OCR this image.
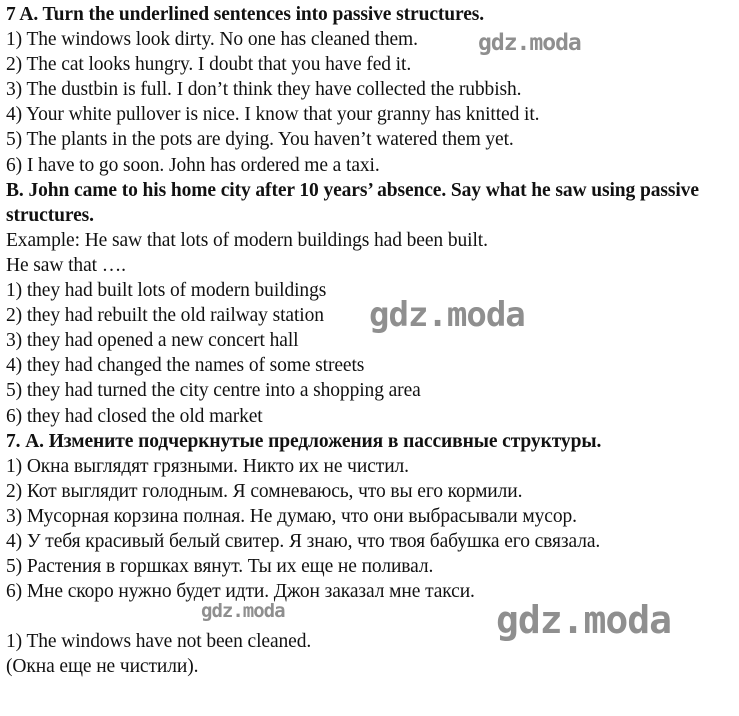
7 A. Turn the underlined sentences into passive structures.
1) The windows look dirty. No one has cleaned them.
2) The cat looks hungry. I doubt that you have fed it.
3) The dustbin is full. I don’t think they have collected the rubbish.
4) Your white pullover is nice. I know that your granny has knitted it.
5) The plants in the pots are dying. You haven’t watered them yet.
6) I have to go soon. John has ordered me a taxi.
B. John came to his home city after 10 years’ absence. Say what he saw using passive structures.
Example: He saw that lots of modern buildings had been built.
He saw that ….
1) they had built lots of modern buildings
2) they had rebuilt the old railway station
3) they had opened a new concert hall
4) they had changed the names of some streets
5) they had turned the city centre into a shopping area
6) they had closed the old market
7. А. Измените подчеркнутые предложения в пассивные структуры.
1) Окна выглядят грязными. Никто их не чистил.
2) Кот выглядит голодным. Я сомневаюсь, что вы его кормили.
3) Мусорная корзина полная. Не думаю, что они выбрасывали мусор.
4) У тебя красивый белый свитер. Я знаю, что твоя бабушка его связала.
5) Растения в горшках вянут. Ты их еще не поливал.
6) Мне скоро нужно будет идти. Джон заказал мне такси.
1) The windows have not been cleaned.
(Окна еще не чистили).
gdz.moda
gdz.moda
gdz.moda	gdz.moda
